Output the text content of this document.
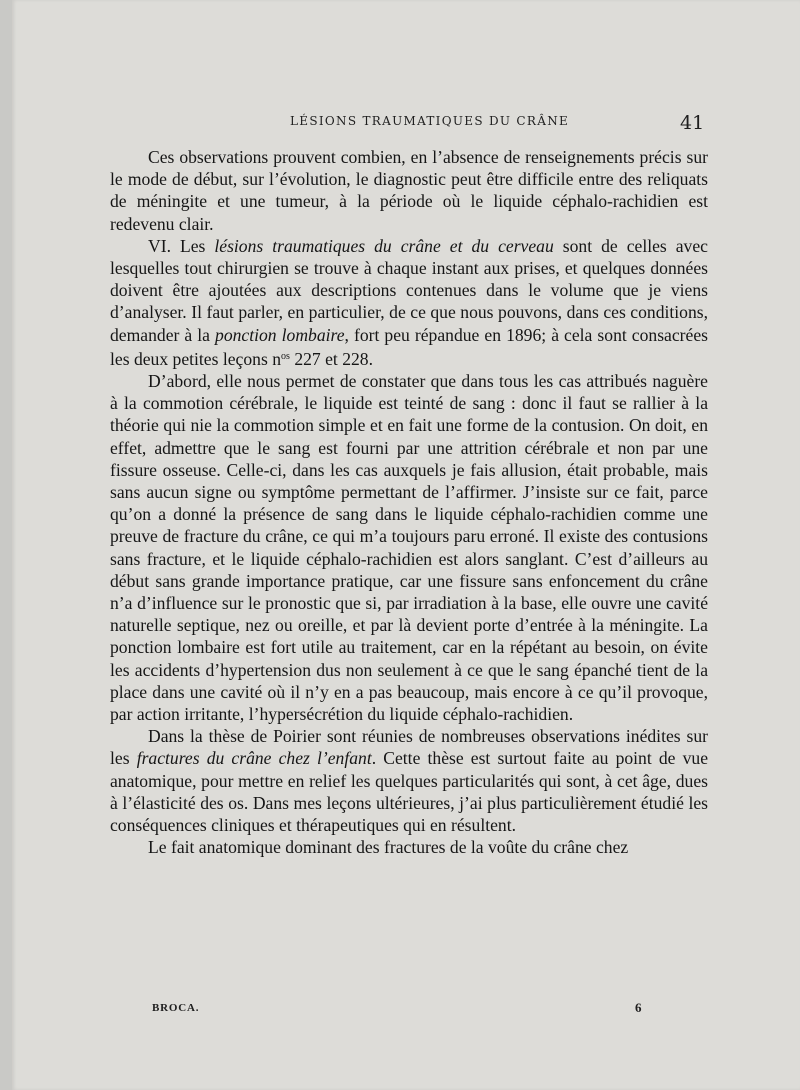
LÉSIONS TRAUMATIQUES DU CRÂNE	41

Ces observations prouvent combien, en l’absence de renseignements précis sur le mode de début, sur l’évolution, le diagnostic peut être difficile entre des reliquats de méningite et une tumeur, à la période où le liquide céphalo-rachidien est redevenu clair.

VI. Les lésions traumatiques du crâne et du cerveau sont de celles avec lesquelles tout chirurgien se trouve à chaque instant aux prises, et quelques données doivent être ajoutées aux descriptions contenues dans le volume que je viens d’analyser. Il faut parler, en particulier, de ce que nous pouvons, dans ces conditions, demander à la ponction lombaire, fort peu répandue en 1896; à cela sont consacrées les deux petites leçons $n^{os}$ 227 et 228.

D’abord, elle nous permet de constater que dans tous les cas attribués naguère à la commotion cérébrale, le liquide est teinté de sang : donc il faut se rallier à la théorie qui nie la commotion simple et en fait une forme de la contusion. On doit, en effet, admettre que le sang est fourni par une attrition cérébrale et non par une fissure osseuse. Celle-ci, dans les cas auxquels je fais allusion, était probable, mais sans aucun signe ou symptôme permettant de l’affirmer. J’insiste sur ce fait, parce qu’on a donné la présence de sang dans le liquide céphalo-rachidien comme une preuve de fracture du crâne, ce qui m’a toujours paru erroné. Il existe des contusions sans fracture, et le liquide céphalo-rachidien est alors sanglant. C’est d’ailleurs au début sans grande importance pratique, car une fissure sans enfoncement du crâne n’a d’influence sur le pronostic que si, par irradiation à la base, elle ouvre une cavité naturelle septique, nez ou oreille, et par là devient porte d’entrée à la méningite. La ponction lombaire est fort utile au traitement, car en la répétant au besoin, on évite les accidents d’hypertension dus non seulement à ce que le sang épanché tient de la place dans une cavité où il n’y en a pas beaucoup, mais encore à ce qu’il provoque, par action irritante, l’hypersécrétion du liquide céphalo-rachidien.

Dans la thèse de Poirier sont réunies de nombreuses observations inédites sur les fractures du crâne chez l’enfant. Cette thèse est surtout faite au point de vue anatomique, pour mettre en relief les quelques particularités qui sont, à cet âge, dues à l’élasticité des os. Dans mes leçons ultérieures, j’ai plus particulièrement étudié les conséquences cliniques et thérapeutiques qui en résultent.

Le fait anatomique dominant des fractures de la voûte du crâne chez

BROCA.	6
